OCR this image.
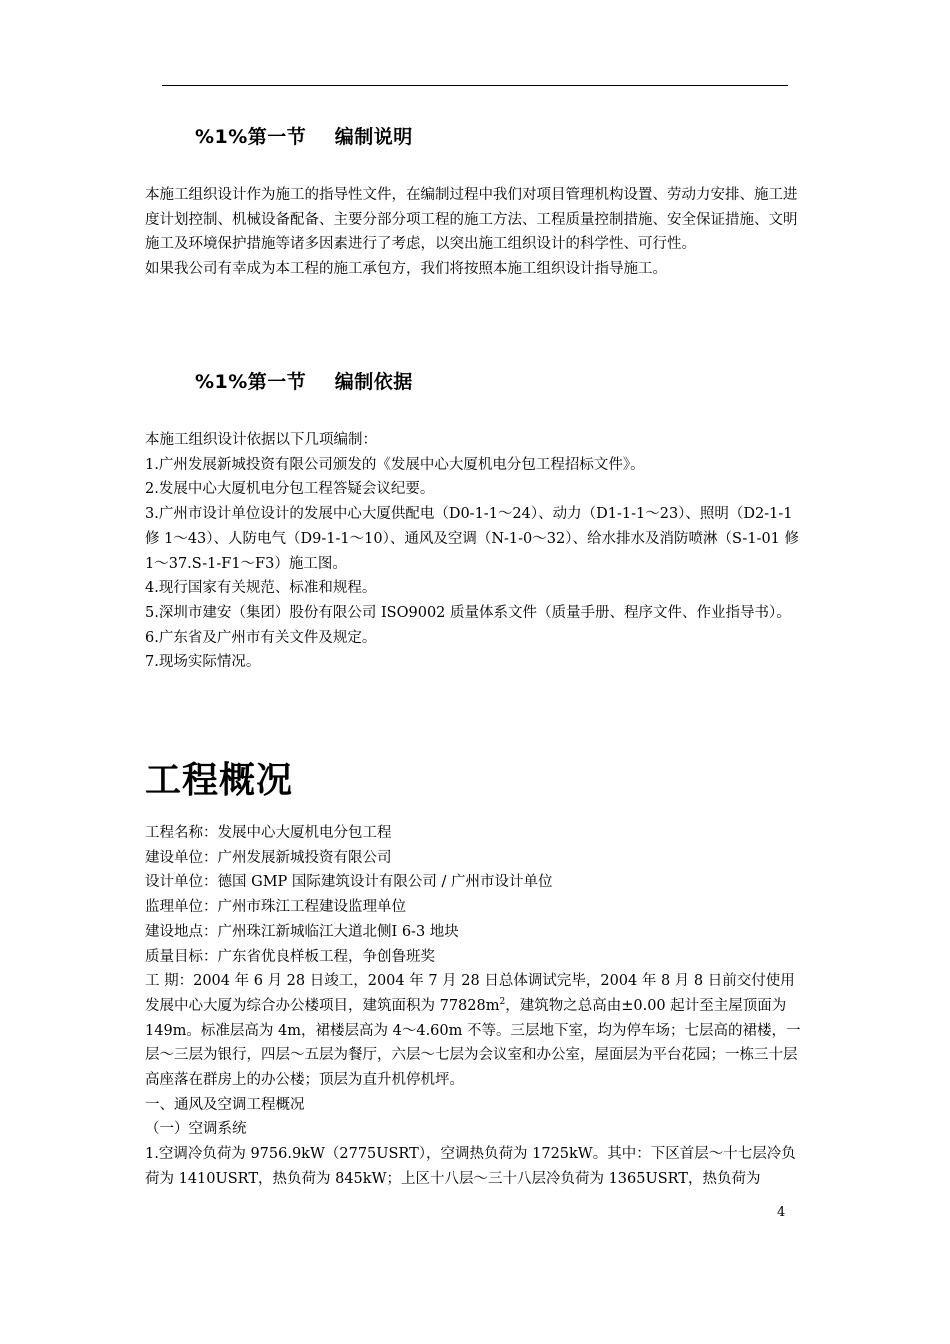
%1%第一节    编制说明

本施工组织设计作为施工的指导性文件，在编制过程中我们对项目管理机构设置、劳动力安排、施工进度计划控制、机械设备配备、主要分部分项工程的施工方法、工程质量控制措施、安全保证措施、文明施工及环境保护措施等诸多因素进行了考虑，以突出施工组织设计的科学性、可行性。

如果我公司有幸成为本工程的施工承包方，我们将按照本施工组织设计指导施工。

%1%第一节    编制依据

本施工组织设计依据以下几项编制：

1.广州发展新城投资有限公司颁发的《发展中心大厦机电分包工程招标文件》。

2.发展中心大厦机电分包工程答疑会议纪要。

3.广州市设计单位设计的发展中心大厦供配电（D0-1-1～24）、动力（D1-1-1～23）、照明（D2-1-1 修 1～43）、人防电气（D9-1-1～10）、通风及空调（N-1-0～32）、给水排水及消防喷淋（S-1-01 修 1～37.S-1-F1～F3）施工图。

4.现行国家有关规范、标准和规程。

5.深圳市建安（集团）股份有限公司 ISO9002 质量体系文件（质量手册、程序文件、作业指导书）。

6.广东省及广州市有关文件及规定。

7.现场实际情况。

工程概况

工程名称：发展中心大厦机电分包工程

建设单位：广州发展新城投资有限公司

设计单位：德国 GMP 国际建筑设计有限公司 / 广州市设计单位

监理单位：广州市珠江工程建设监理单位

建设地点：广州珠江新城临江大道北侧Ⅰ 6-3 地块

质量目标：广东省优良样板工程，争创鲁班奖

工 期：2004 年 6 月 28 日竣工，2004 年 7 月 28 日总体调试完毕，2004 年 8 月 8 日前交付使用

发展中心大厦为综合办公楼项目，建筑面积为 $77828m^2$，建筑物之总高由±0.00 起计至主屋顶面为 149m。标准层高为 4m，裙楼层高为 4～4.60m 不等。三层地下室，均为停车场；七层高的裙楼，一层～三层为银行，四层～五层为餐厅，六层～七层为会议室和办公室，屋面层为平台花园；一栋三十层高座落在群房上的办公楼；顶层为直升机停机坪。

一、通风及空调工程概况

（一）空调系统

1.空调冷负荷为 9756.9kW（2775USRT），空调热负荷为 1725kW。其中：下区首层～十七层冷负荷为 1410USRT，热负荷为 845kW；上区十八层～三十八层冷负荷为 1365USRT，热负荷为

4
